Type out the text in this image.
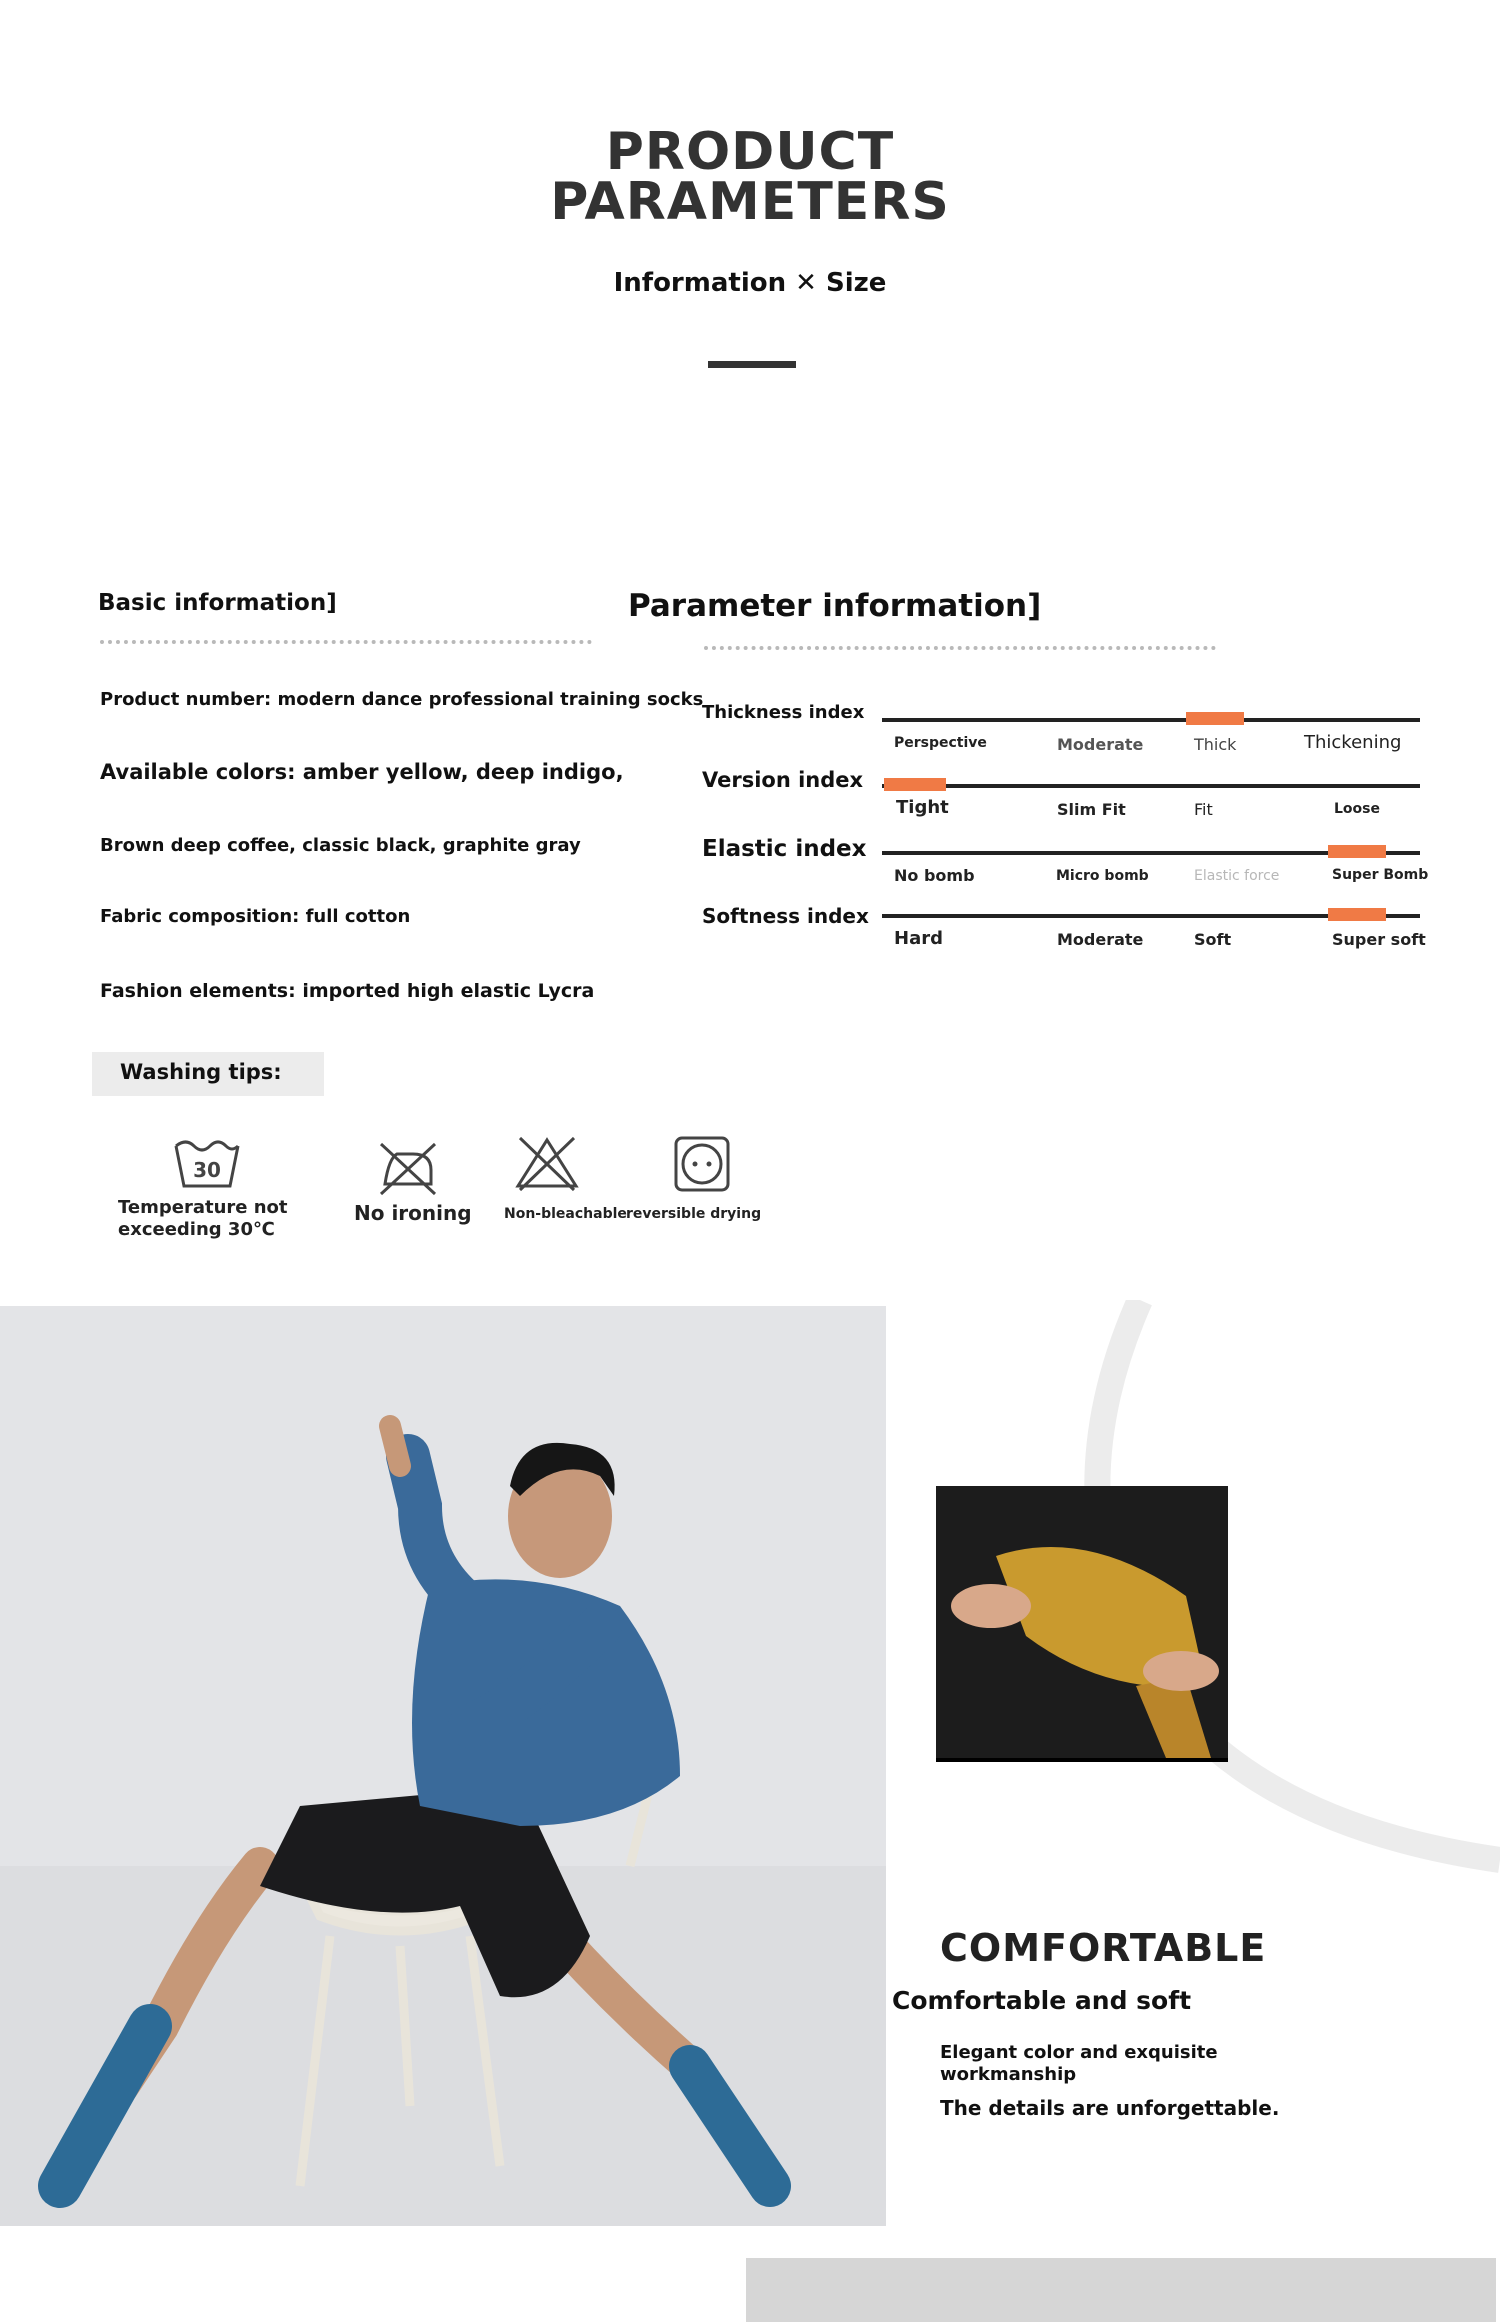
PRODUCT
PARAMETERS
Information ✕ Size
Basic information]
Product number: modern dance professional training socks
Available colors: amber yellow, deep indigo,
Brown deep coffee, classic black, graphite gray
Fabric composition: full cotton
Fashion elements: imported high elastic Lycra
Parameter information]
Thickness index
Perspective	Moderate	Thick	Thickening
Version index
Tight	Slim Fit	Fit	Loose
Elastic index
No bomb	Micro bomb	Elastic force	Super Bomb
Softness index
Hard	Moderate	Soft	Super soft
Washing tips:
30
Temperature not
exceeding 30℃
No ironing Non-bleachable reversible drying
COMFORTABLE
Comfortable and soft
Elegant color and exquisite workmanship
The details are unforgettable.
